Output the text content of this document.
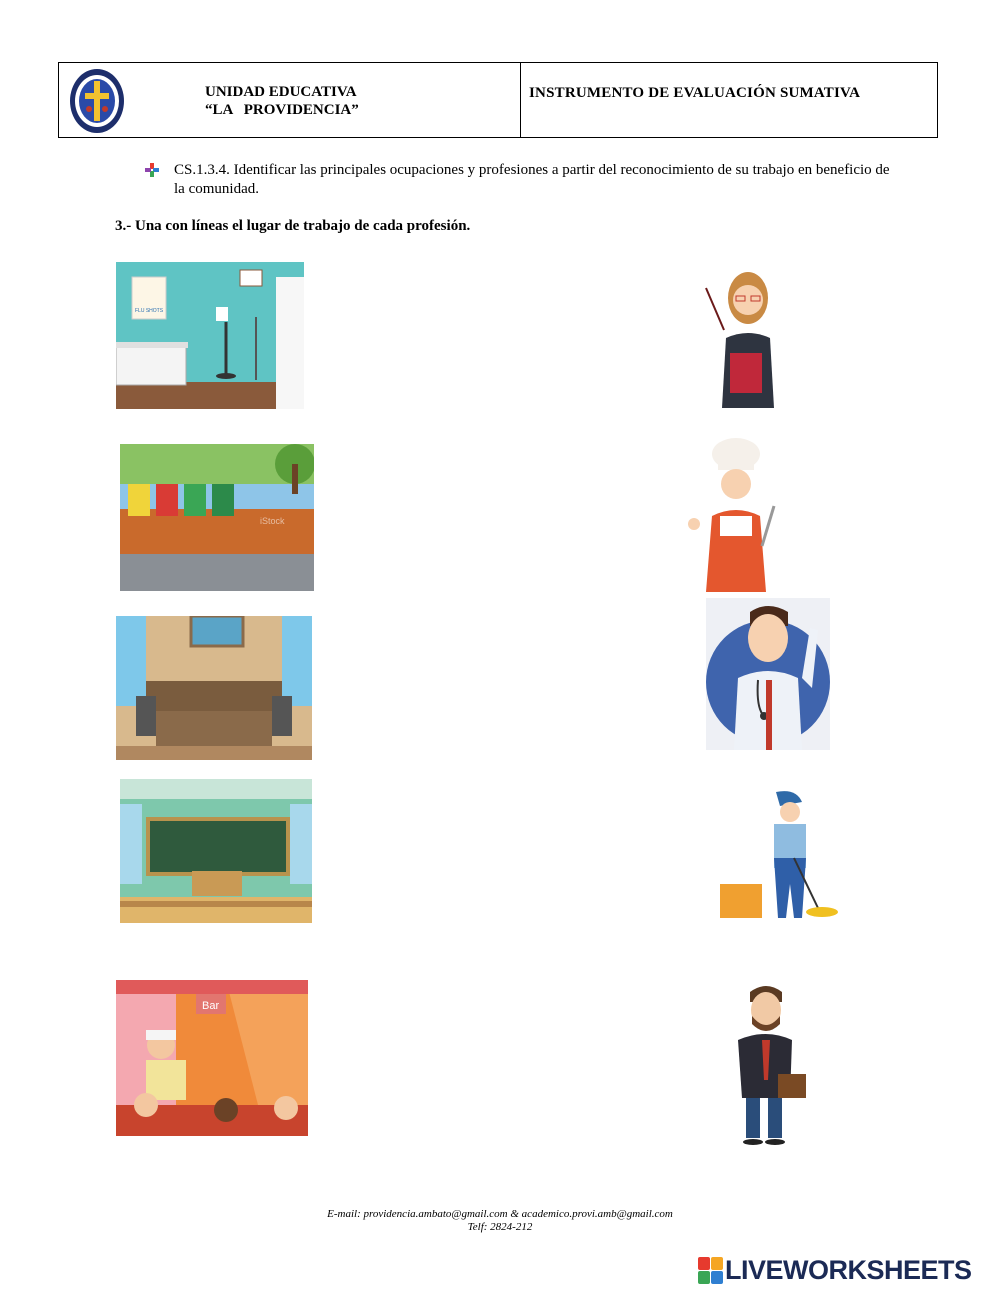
UNIDAD EDUCATIVA
“LA   PROVIDENCIA”
INSTRUMENTO DE EVALUACIÓN SUMATIVA
CS.1.3.4. Identificar las principales ocupaciones y profesiones a partir del reconocimiento de su trabajo en beneficio de la comunidad.
3.- Una con líneas el lugar de trabajo de cada profesión.
FLU SHOTS
iStock
Bar
E-mail: providencia.ambato@gmail.com & academico.provi.amb@gmail.com
Telf: 2824-212
LIVEWORKSHEETS
